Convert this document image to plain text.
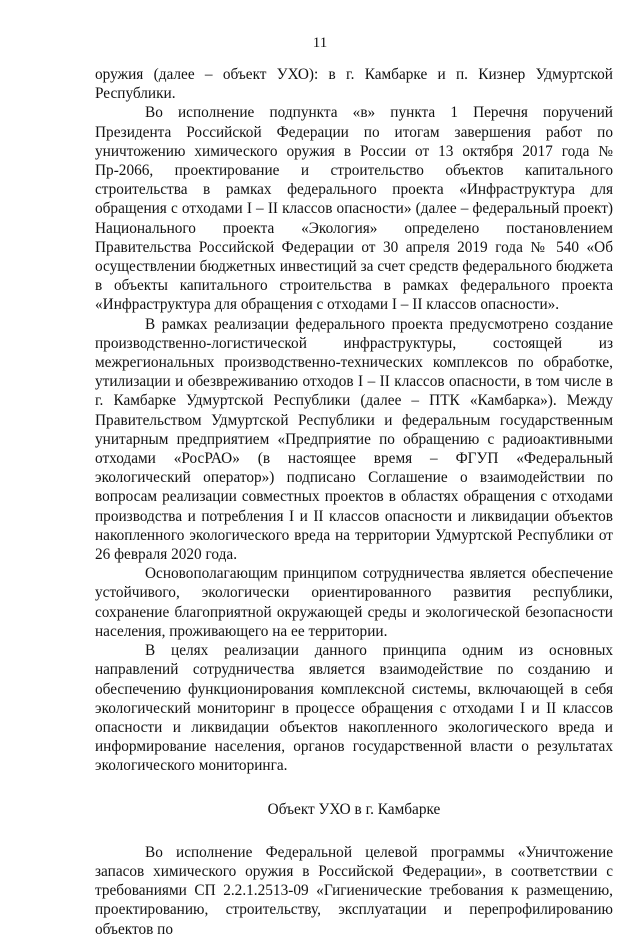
11

оружия (далее – объект УХО): в г. Камбарке и п. Кизнер Удмуртской Республики.

Во исполнение подпункта «в» пункта 1 Перечня поручений Президента Российской Федерации по итогам завершения работ по уничтожению химического оружия в России от 13 октября 2017 года № Пр-2066, проектирование и строительство объектов капитального строительства в рамках федерального проекта «Инфраструктура для обращения с отходами I – II классов опасности» (далее – федеральный проект) Национального проекта «Экология» определено постановлением Правительства Российской Федерации от 30 апреля 2019 года № 540 «Об осуществлении бюджетных инвестиций за счет средств федерального бюджета в объекты капитального строительства в рамках федерального проекта «Инфраструктура для обращения с отходами I – II классов опасности».

В рамках реализации федерального проекта предусмотрено создание производственно-логистической инфраструктуры, состоящей из межрегиональных производственно-технических комплексов по обработке, утилизации и обезвреживанию отходов I – II классов опасности, в том числе в г. Камбарке Удмуртской Республики (далее – ПТК «Камбарка»). Между Правительством Удмуртской Республики и федеральным государственным унитарным предприятием «Предприятие по обращению с радиоактивными отходами «РосРАО» (в настоящее время – ФГУП «Федеральный экологический оператор») подписано Соглашение о взаимодействии по вопросам реализации совместных проектов в областях обращения с отходами производства и потребления I и II классов опасности и ликвидации объектов накопленного экологического вреда на территории Удмуртской Республики от 26 февраля 2020 года.

Основополагающим принципом сотрудничества является обеспечение устойчивого, экологически ориентированного развития республики, сохранение благоприятной окружающей среды и экологической безопасности населения, проживающего на ее территории.

В целях реализации данного принципа одним из основных направлений сотрудничества является взаимодействие по созданию и обеспечению функционирования комплексной системы, включающей в себя экологический мониторинг в процессе обращения с отходами I и II классов опасности и ликвидации объектов накопленного экологического вреда и информирование населения, органов государственной власти о результатах экологического мониторинга.

Объект УХО в г. Камбарке

Во исполнение Федеральной целевой программы «Уничтожение запасов химического оружия в Российской Федерации», в соответствии с требованиями СП 2.2.1.2513-09 «Гигиенические требования к размещению, проектированию, строительству, эксплуатации и перепрофилированию объектов по
